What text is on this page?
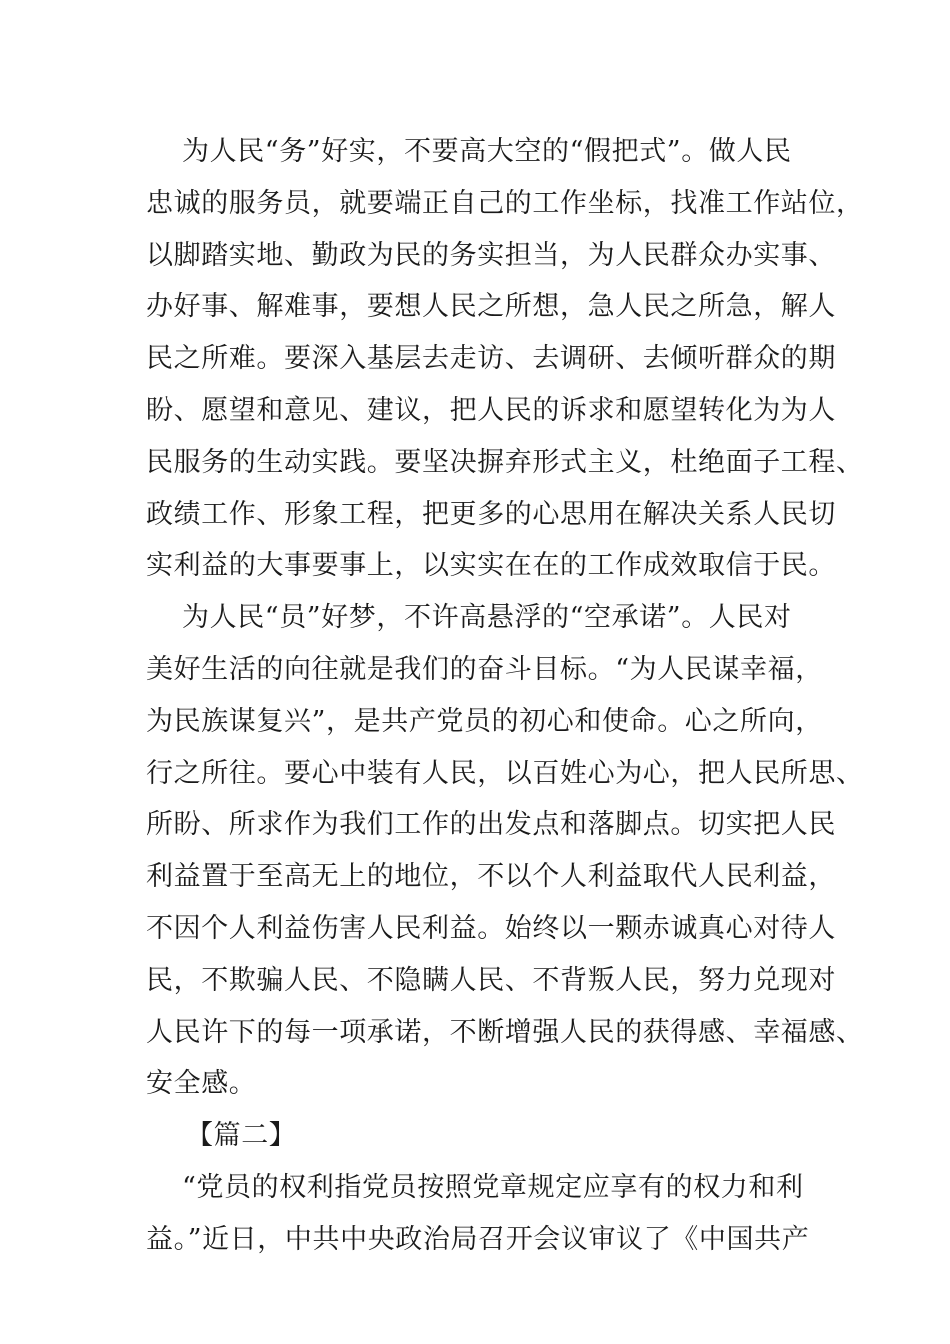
为人民“务”好实，不要高大空的“假把式”。做人民
忠诚的服务员，就要端正自己的工作坐标，找准工作站位，
以脚踏实地、勤政为民的务实担当，为人民群众办实事、
办好事、解难事，要想人民之所想，急人民之所急，解人
民之所难。要深入基层去走访、去调研、去倾听群众的期
盼、愿望和意见、建议，把人民的诉求和愿望转化为为人
民服务的生动实践。要坚决摒弃形式主义，杜绝面子工程、
政绩工作、形象工程，把更多的心思用在解决关系人民切
实利益的大事要事上，以实实在在的工作成效取信于民。
为人民“员”好梦，不许高悬浮的“空承诺”。人民对
美好生活的向往就是我们的奋斗目标。“为人民谋幸福，
为民族谋复兴”，是共产党员的初心和使命。心之所向，
行之所往。要心中装有人民，以百姓心为心，把人民所思、
所盼、所求作为我们工作的出发点和落脚点。切实把人民
利益置于至高无上的地位，不以个人利益取代人民利益，
不因个人利益伤害人民利益。始终以一颗赤诚真心对待人
民，不欺骗人民、不隐瞒人民、不背叛人民，努力兑现对
人民许下的每一项承诺，不断增强人民的获得感、幸福感、
安全感。
【篇二】
“党员的权利指党员按照党章规定应享有的权力和利
益。”近日，中共中央政治局召开会议审议了《中国共产
